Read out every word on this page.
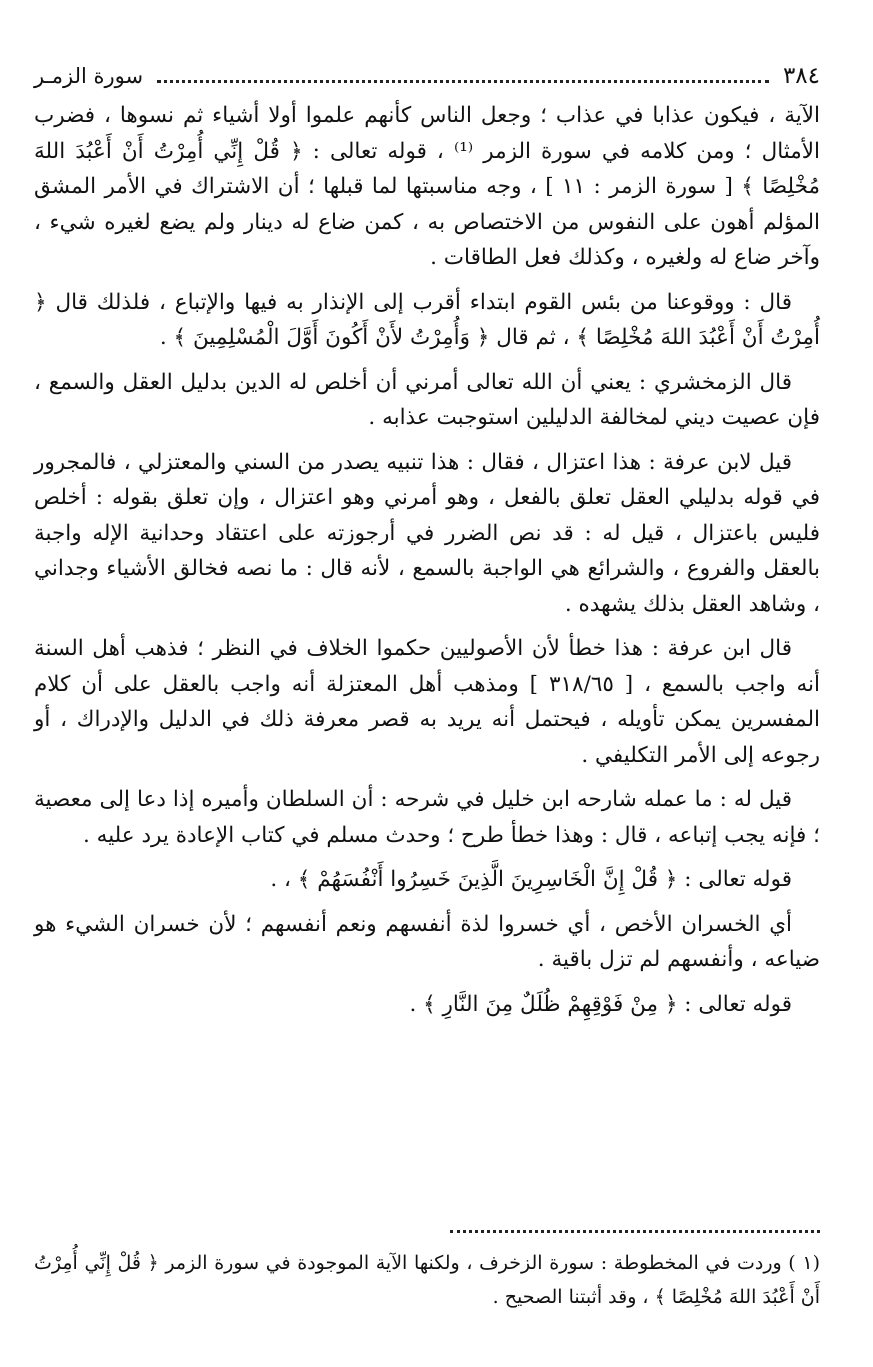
٣٨٤
سورة الزمـر

الآية ، فيكون عذابا في عذاب ؛ وجعل الناس كأنهم علموا أولا أشياء ثم نسوها ، فضرب الأمثال ؛ ومن كلامه في سورة الزمر ⁽¹⁾ ، قوله تعالى : ﴿ قُلْ إِنِّي أُمِرْتُ أَنْ أَعْبُدَ اللهَ مُخْلِصًا ﴾ [ سورة الزمر : ١١ ] ، وجه مناسبتها لما قبلها ؛ أن الاشتراك في الأمر المشق المؤلم أهون على النفوس من الاختصاص به ، كمن ضاع له دينار ولم يضع لغيره شيء ، وآخر ضاع له ولغيره ، وكذلك فعل الطاقات .

قال : ووقوعنا من بئس القوم ابتداء أقرب إلى الإنذار به فيها والإتباع ، فلذلك قال ﴿ أُمِرْتُ أَنْ أَعْبُدَ اللهَ مُخْلِصًا ﴾ ، ثم قال ﴿ وَأُمِرْتُ لأَنْ أَكُونَ أَوَّلَ الْمُسْلِمِينَ ﴾ .

قال الزمخشري : يعني أن الله تعالى أمرني أن أخلص له الدين بدليل العقل والسمع ، فإن عصيت ديني لمخالفة الدليلين استوجبت عذابه .

قيل لابن عرفة : هذا اعتزال ، فقال : هذا تنبيه يصدر من السني والمعتزلي ، فالمجرور في قوله بدليلي العقل تعلق بالفعل ، وهو أمرني وهو اعتزال ، وإن تعلق بقوله : أخلص فليس باعتزال ، قيل له : قد نص الضرر في أرجوزته على اعتقاد وحدانية الإله واجبة بالعقل والفروع ، والشرائع هي الواجبة بالسمع ، لأنه قال : ما نصه فخالق الأشياء وجداني ، وشاهد العقل بذلك يشهده .

قال ابن عرفة : هذا خطأ لأن الأصوليين حكموا الخلاف في النظر ؛ فذهب أهل السنة أنه واجب بالسمع ، [ ٣١٨/٦٥ ] ومذهب أهل المعتزلة أنه واجب بالعقل على أن كلام المفسرين يمكن تأويله ، فيحتمل أنه يريد به قصر معرفة ذلك في الدليل والإدراك ، أو رجوعه إلى الأمر التكليفي .

قيل له : ما عمله شارحه ابن خليل في شرحه : أن السلطان وأميره إذا دعا إلى معصية ؛ فإنه يجب إتباعه ، قال : وهذا خطأ طرح ؛ وحدث مسلم في كتاب الإعادة يرد عليه .

قوله تعالى : ﴿ قُلْ إِنَّ الْخَاسِرِينَ الَّذِينَ خَسِرُوا أَنْفُسَهُمْ ﴾ ، .

أي الخسران الأخص ، أي خسروا لذة أنفسهم ونعم أنفسهم ؛ لأن خسران الشيء هو ضياعه ، وأنفسهم لم تزل باقية .

قوله تعالى : ﴿ مِنْ فَوْقِهِمْ ظُلَلٌ مِنَ النَّارِ ﴾ .

(١ ) وردت في المخطوطة : سورة الزخرف ، ولكنها الآية الموجودة في سورة الزمر ﴿ قُلْ إِنِّي أُمِرْتُ أَنْ أَعْبُدَ اللهَ مُخْلِصًا ﴾ ، وقد أثبتنا الصحيح .
